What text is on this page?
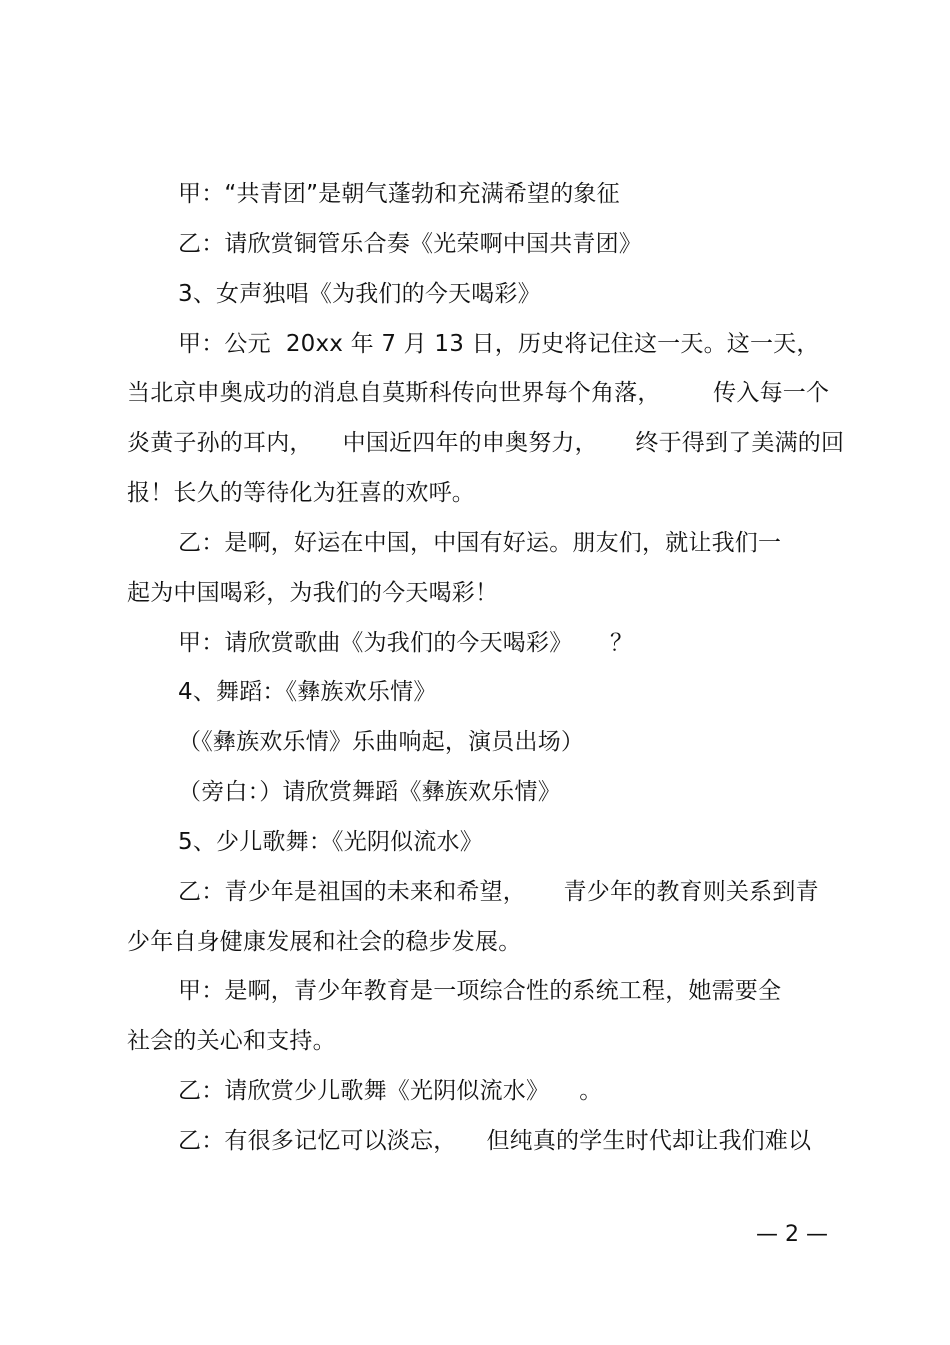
甲：“共青团”是朝气蓬勃和充满希望的象征

乙：请欣赏铜管乐合奏《光荣啊中国共青团》

3、女声独唱《为我们的今天喝彩》

甲：公元  20xx 年 7 月 13 日，历史将记住这一天。这一天，

当北京申奥成功的消息自莫斯科传向世界每个角落，       传入每一个

炎黄子孙的耳内，    中国近四年的申奥努力，     终于得到了美满的回

报！长久的等待化为狂喜的欢呼。

乙：是啊，好运在中国，中国有好运。朋友们，就让我们一

起为中国喝彩，为我们的今天喝彩！

甲：请欣赏歌曲《为我们的今天喝彩》     ？

4、舞蹈：《彝族欢乐情》

（《彝族欢乐情》乐曲响起，演员出场）

（旁白：）请欣赏舞蹈《彝族欢乐情》

5、少儿歌舞：《光阴似流水》

乙：青少年是祖国的未来和希望，     青少年的教育则关系到青

少年自身健康发展和社会的稳步发展。

甲：是啊，青少年教育是一项综合性的系统工程，她需要全

社会的关心和支持。

乙：请欣赏少儿歌舞《光阴似流水》    。

乙：有很多记忆可以淡忘，    但纯真的学生时代却让我们难以

— 2 —
